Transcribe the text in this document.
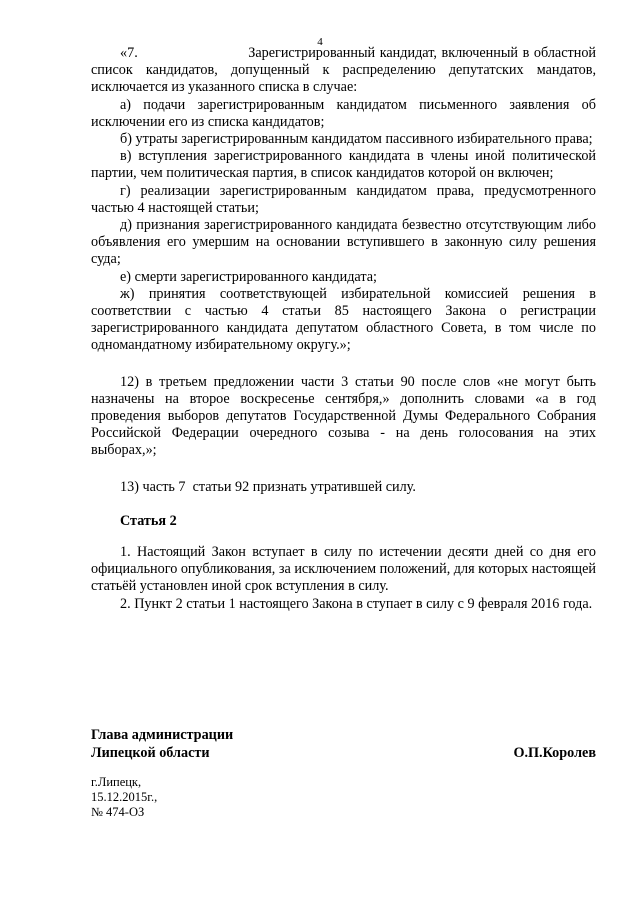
4

«7.                        Зарегистрированный кандидат, включенный в областной список кандидатов, допущенный к распределению депутатских мандатов, исключается из указанного списка в случае:

а) подачи зарегистрированным кандидатом письменного заявления об исключении его из списка кандидатов;

б) утраты зарегистрированным кандидатом пассивного избирательного права;

в) вступления зарегистрированного кандидата в члены иной политической партии, чем политическая партия, в список кандидатов которой он включен;

г) реализации зарегистрированным кандидатом права, предусмотренного частью 4 настоящей статьи;

д) признания зарегистрированного кандидата безвестно отсутствующим либо объявления его умершим на основании вступившего в законную силу решения суда;

е) смерти зарегистрированного кандидата;

ж) принятия соответствующей избирательной комиссией решения в соответствии с частью 4 статьи 85 настоящего Закона о регистрации зарегистрированного кандидата депутатом областного Совета, в том числе по одномандатному избирательному округу.»;

12) в третьем предложении части 3 статьи 90 после слов «не могут быть назначены на второе воскресенье сентября,» дополнить словами «а в год проведения выборов депутатов Государственной Думы Федерального Собрания Российской Федерации очередного созыва - на день голосования на этих выборах,»;

13) часть 7  статьи 92 признать утратившей силу.

Статья 2

1. Настоящий Закон вступает в силу по истечении десяти дней со дня его официального опубликования, за исключением положений, для которых настоящей статьёй установлен иной срок вступления в силу.

2. Пункт 2 статьи 1 настоящего Закона в ступает в силу с 9 февраля 2016 года.

Глава администрации
Липецкой области	О.П.Королев
г.Липецк,
15.12.2015г.,
№ 474-ОЗ
